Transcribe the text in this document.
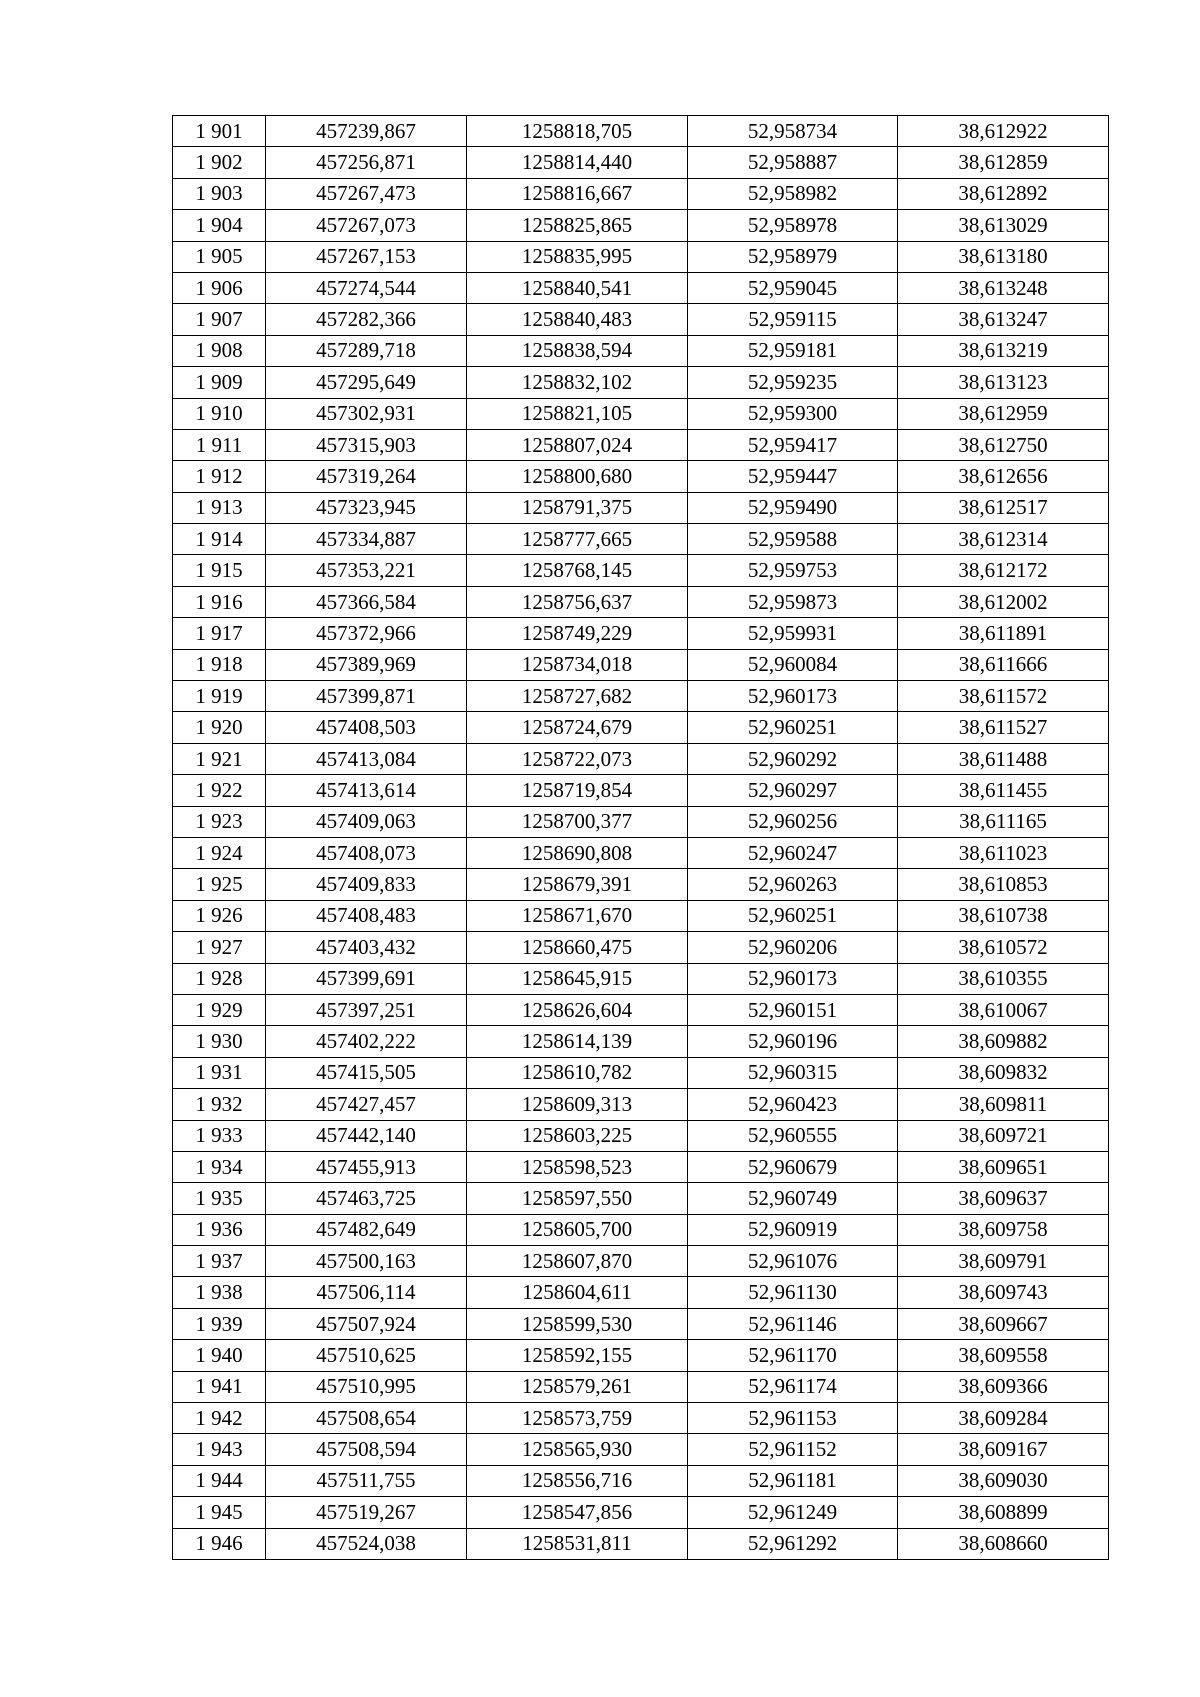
1 901	457239,867	1258818,705	52,958734	38,612922
1 902	457256,871	1258814,440	52,958887	38,612859
1 903	457267,473	1258816,667	52,958982	38,612892
1 904	457267,073	1258825,865	52,958978	38,613029
1 905	457267,153	1258835,995	52,958979	38,613180
1 906	457274,544	1258840,541	52,959045	38,613248
1 907	457282,366	1258840,483	52,959115	38,613247
1 908	457289,718	1258838,594	52,959181	38,613219
1 909	457295,649	1258832,102	52,959235	38,613123
1 910	457302,931	1258821,105	52,959300	38,612959
1 911	457315,903	1258807,024	52,959417	38,612750
1 912	457319,264	1258800,680	52,959447	38,612656
1 913	457323,945	1258791,375	52,959490	38,612517
1 914	457334,887	1258777,665	52,959588	38,612314
1 915	457353,221	1258768,145	52,959753	38,612172
1 916	457366,584	1258756,637	52,959873	38,612002
1 917	457372,966	1258749,229	52,959931	38,611891
1 918	457389,969	1258734,018	52,960084	38,611666
1 919	457399,871	1258727,682	52,960173	38,611572
1 920	457408,503	1258724,679	52,960251	38,611527
1 921	457413,084	1258722,073	52,960292	38,611488
1 922	457413,614	1258719,854	52,960297	38,611455
1 923	457409,063	1258700,377	52,960256	38,611165
1 924	457408,073	1258690,808	52,960247	38,611023
1 925	457409,833	1258679,391	52,960263	38,610853
1 926	457408,483	1258671,670	52,960251	38,610738
1 927	457403,432	1258660,475	52,960206	38,610572
1 928	457399,691	1258645,915	52,960173	38,610355
1 929	457397,251	1258626,604	52,960151	38,610067
1 930	457402,222	1258614,139	52,960196	38,609882
1 931	457415,505	1258610,782	52,960315	38,609832
1 932	457427,457	1258609,313	52,960423	38,609811
1 933	457442,140	1258603,225	52,960555	38,609721
1 934	457455,913	1258598,523	52,960679	38,609651
1 935	457463,725	1258597,550	52,960749	38,609637
1 936	457482,649	1258605,700	52,960919	38,609758
1 937	457500,163	1258607,870	52,961076	38,609791
1 938	457506,114	1258604,611	52,961130	38,609743
1 939	457507,924	1258599,530	52,961146	38,609667
1 940	457510,625	1258592,155	52,961170	38,609558
1 941	457510,995	1258579,261	52,961174	38,609366
1 942	457508,654	1258573,759	52,961153	38,609284
1 943	457508,594	1258565,930	52,961152	38,609167
1 944	457511,755	1258556,716	52,961181	38,609030
1 945	457519,267	1258547,856	52,961249	38,608899
1 946	457524,038	1258531,811	52,961292	38,608660
